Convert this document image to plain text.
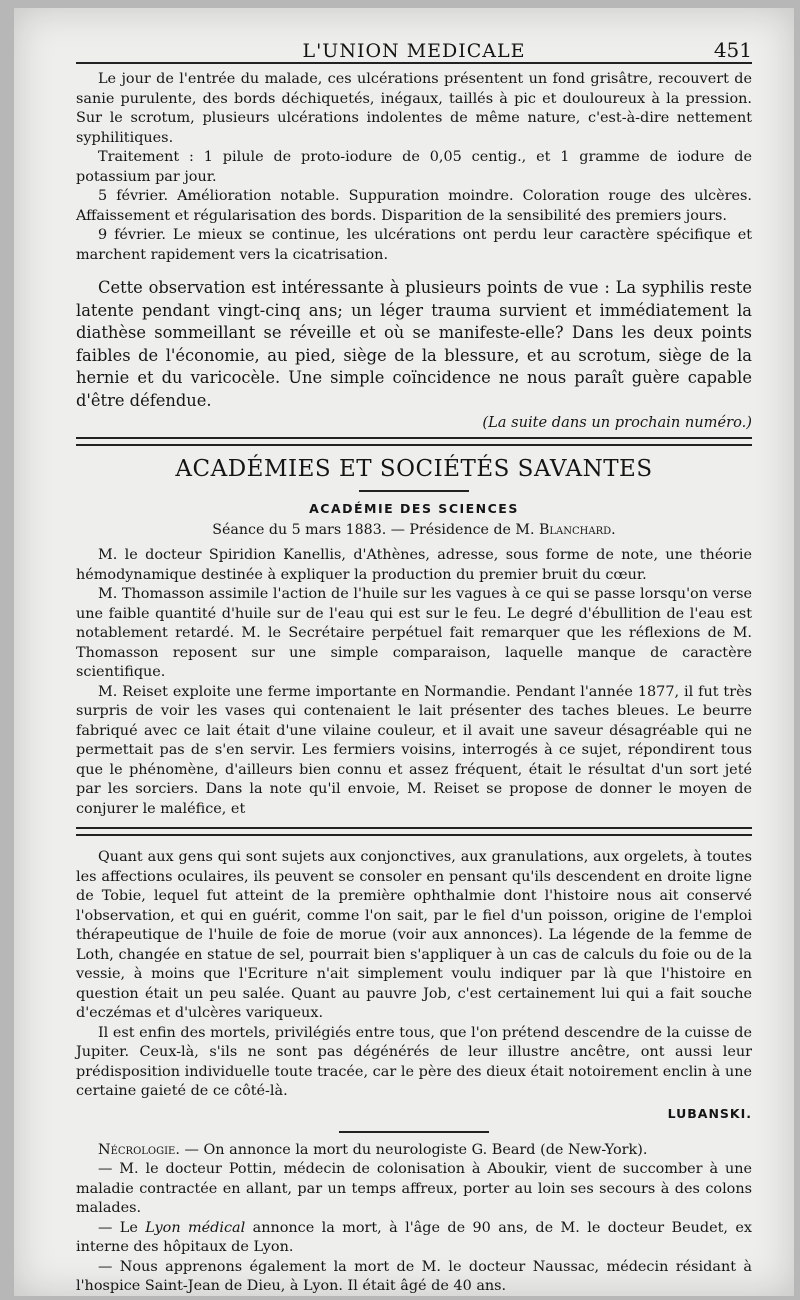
L'UNION MEDICALE	451

Le jour de l'entrée du malade, ces ulcérations présentent un fond grisâtre, recouvert de sanie purulente, des bords déchiquetés, inégaux, taillés à pic et douloureux à la pression. Sur le scrotum, plusieurs ulcérations indolentes de même nature, c'est-à-dire nettement syphilitiques.

Traitement : 1 pilule de proto-iodure de 0,05 centig., et 1 gramme de iodure de potassium par jour.

5 février. Amélioration notable. Suppuration moindre. Coloration rouge des ulcères. Affaissement et régularisation des bords. Disparition de la sensibilité des premiers jours.

9 février. Le mieux se continue, les ulcérations ont perdu leur caractère spécifique et marchent rapidement vers la cicatrisation.

Cette observation est intéressante à plusieurs points de vue : La syphilis reste latente pendant vingt-cinq ans; un léger trauma survient et immédiatement la diathèse sommeillant se réveille et où se manifeste-elle? Dans les deux points faibles de l'économie, au pied, siège de la blessure, et au scrotum, siège de la hernie et du varicocèle. Une simple coïncidence ne nous paraît guère capable d'être défendue.

(La suite dans un prochain numéro.)
ACADÉMIES ET SOCIÉTÉS SAVANTES
ACADÉMIE DES SCIENCES
Séance du 5 mars 1883. — Présidence de M. Blanchard.

M. le docteur Spiridion Kanellis, d'Athènes, adresse, sous forme de note, une théorie hémodynamique destinée à expliquer la production du premier bruit du cœur.

M. Thomasson assimile l'action de l'huile sur les vagues à ce qui se passe lorsqu'on verse une faible quantité d'huile sur de l'eau qui est sur le feu. Le degré d'ébullition de l'eau est notablement retardé. M. le Secrétaire perpétuel fait remarquer que les réflexions de M. Thomasson reposent sur une simple comparaison, laquelle manque de caractère scientifique.

M. Reiset exploite une ferme importante en Normandie. Pendant l'année 1877, il fut très surpris de voir les vases qui contenaient le lait présenter des taches bleues. Le beurre fabriqué avec ce lait était d'une vilaine couleur, et il avait une saveur désagréable qui ne permettait pas de s'en servir. Les fermiers voisins, interrogés à ce sujet, répondirent tous que le phénomène, d'ailleurs bien connu et assez fréquent, était le résultat d'un sort jeté par les sorciers. Dans la note qu'il envoie, M. Reiset se propose de donner le moyen de conjurer le maléfice, et

Quant aux gens qui sont sujets aux conjonctives, aux granulations, aux orgelets, à toutes les affections oculaires, ils peuvent se consoler en pensant qu'ils descendent en droite ligne de Tobie, lequel fut atteint de la première ophthalmie dont l'histoire nous ait conservé l'observation, et qui en guérit, comme l'on sait, par le fiel d'un poisson, origine de l'emploi thérapeutique de l'huile de foie de morue (voir aux annonces). La légende de la femme de Loth, changée en statue de sel, pourrait bien s'appliquer à un cas de calculs du foie ou de la vessie, à moins que l'Ecriture n'ait simplement voulu indiquer par là que l'histoire en question était un peu salée. Quant au pauvre Job, c'est certainement lui qui a fait souche d'eczémas et d'ulcères variqueux.

Il est enfin des mortels, privilégiés entre tous, que l'on prétend descendre de la cuisse de Jupiter. Ceux-là, s'ils ne sont pas dégénérés de leur illustre ancêtre, ont aussi leur prédisposition individuelle toute tracée, car le père des dieux était notoirement enclin à une certaine gaieté de ce côté-là.

LUBANSKI.

Nécrologie. — On annonce la mort du neurologiste G. Beard (de New-York).

— M. le docteur Pottin, médecin de colonisation à Aboukir, vient de succomber à une maladie contractée en allant, par un temps affreux, porter au loin ses secours à des colons malades.

— Le Lyon médical annonce la mort, à l'âge de 90 ans, de M. le docteur Beudet, ex interne des hôpitaux de Lyon.

— Nous apprenons également la mort de M. le docteur Naussac, médecin résidant à l'hospice Saint-Jean de Dieu, à Lyon. Il était âgé de 40 ans.
